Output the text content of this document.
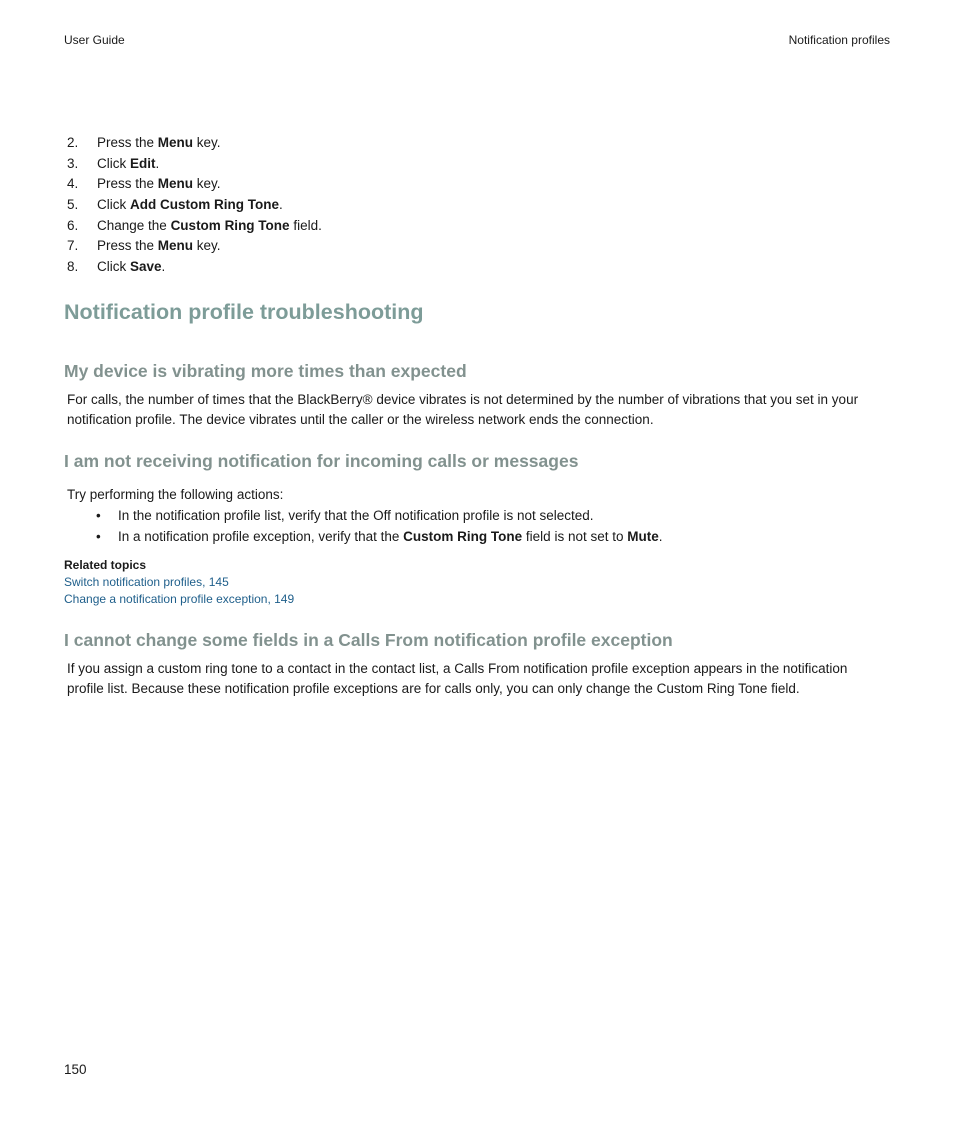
User Guide	Notification profiles
2. Press the Menu key.
3. Click Edit.
4. Press the Menu key.
5. Click Add Custom Ring Tone.
6. Change the Custom Ring Tone field.
7. Press the Menu key.
8. Click Save.
Notification profile troubleshooting
My device is vibrating more times than expected

For calls, the number of times that the BlackBerry® device vibrates is not determined by the number of vibrations that you set in your notification profile. The device vibrates until the caller or the wireless network ends the connection.

I am not receiving notification for incoming calls or messages

Try performing the following actions:

• In the notification profile list, verify that the Off notification profile is not selected.
• In a notification profile exception, verify that the Custom Ring Tone field is not set to Mute.
Related topics
Switch notification profiles, 145
Change a notification profile exception, 149
I cannot change some fields in a Calls From notification profile exception

If you assign a custom ring tone to a contact in the contact list, a Calls From notification profile exception appears in the notification profile list. Because these notification profile exceptions are for calls only, you can only change the Custom Ring Tone field.

150
